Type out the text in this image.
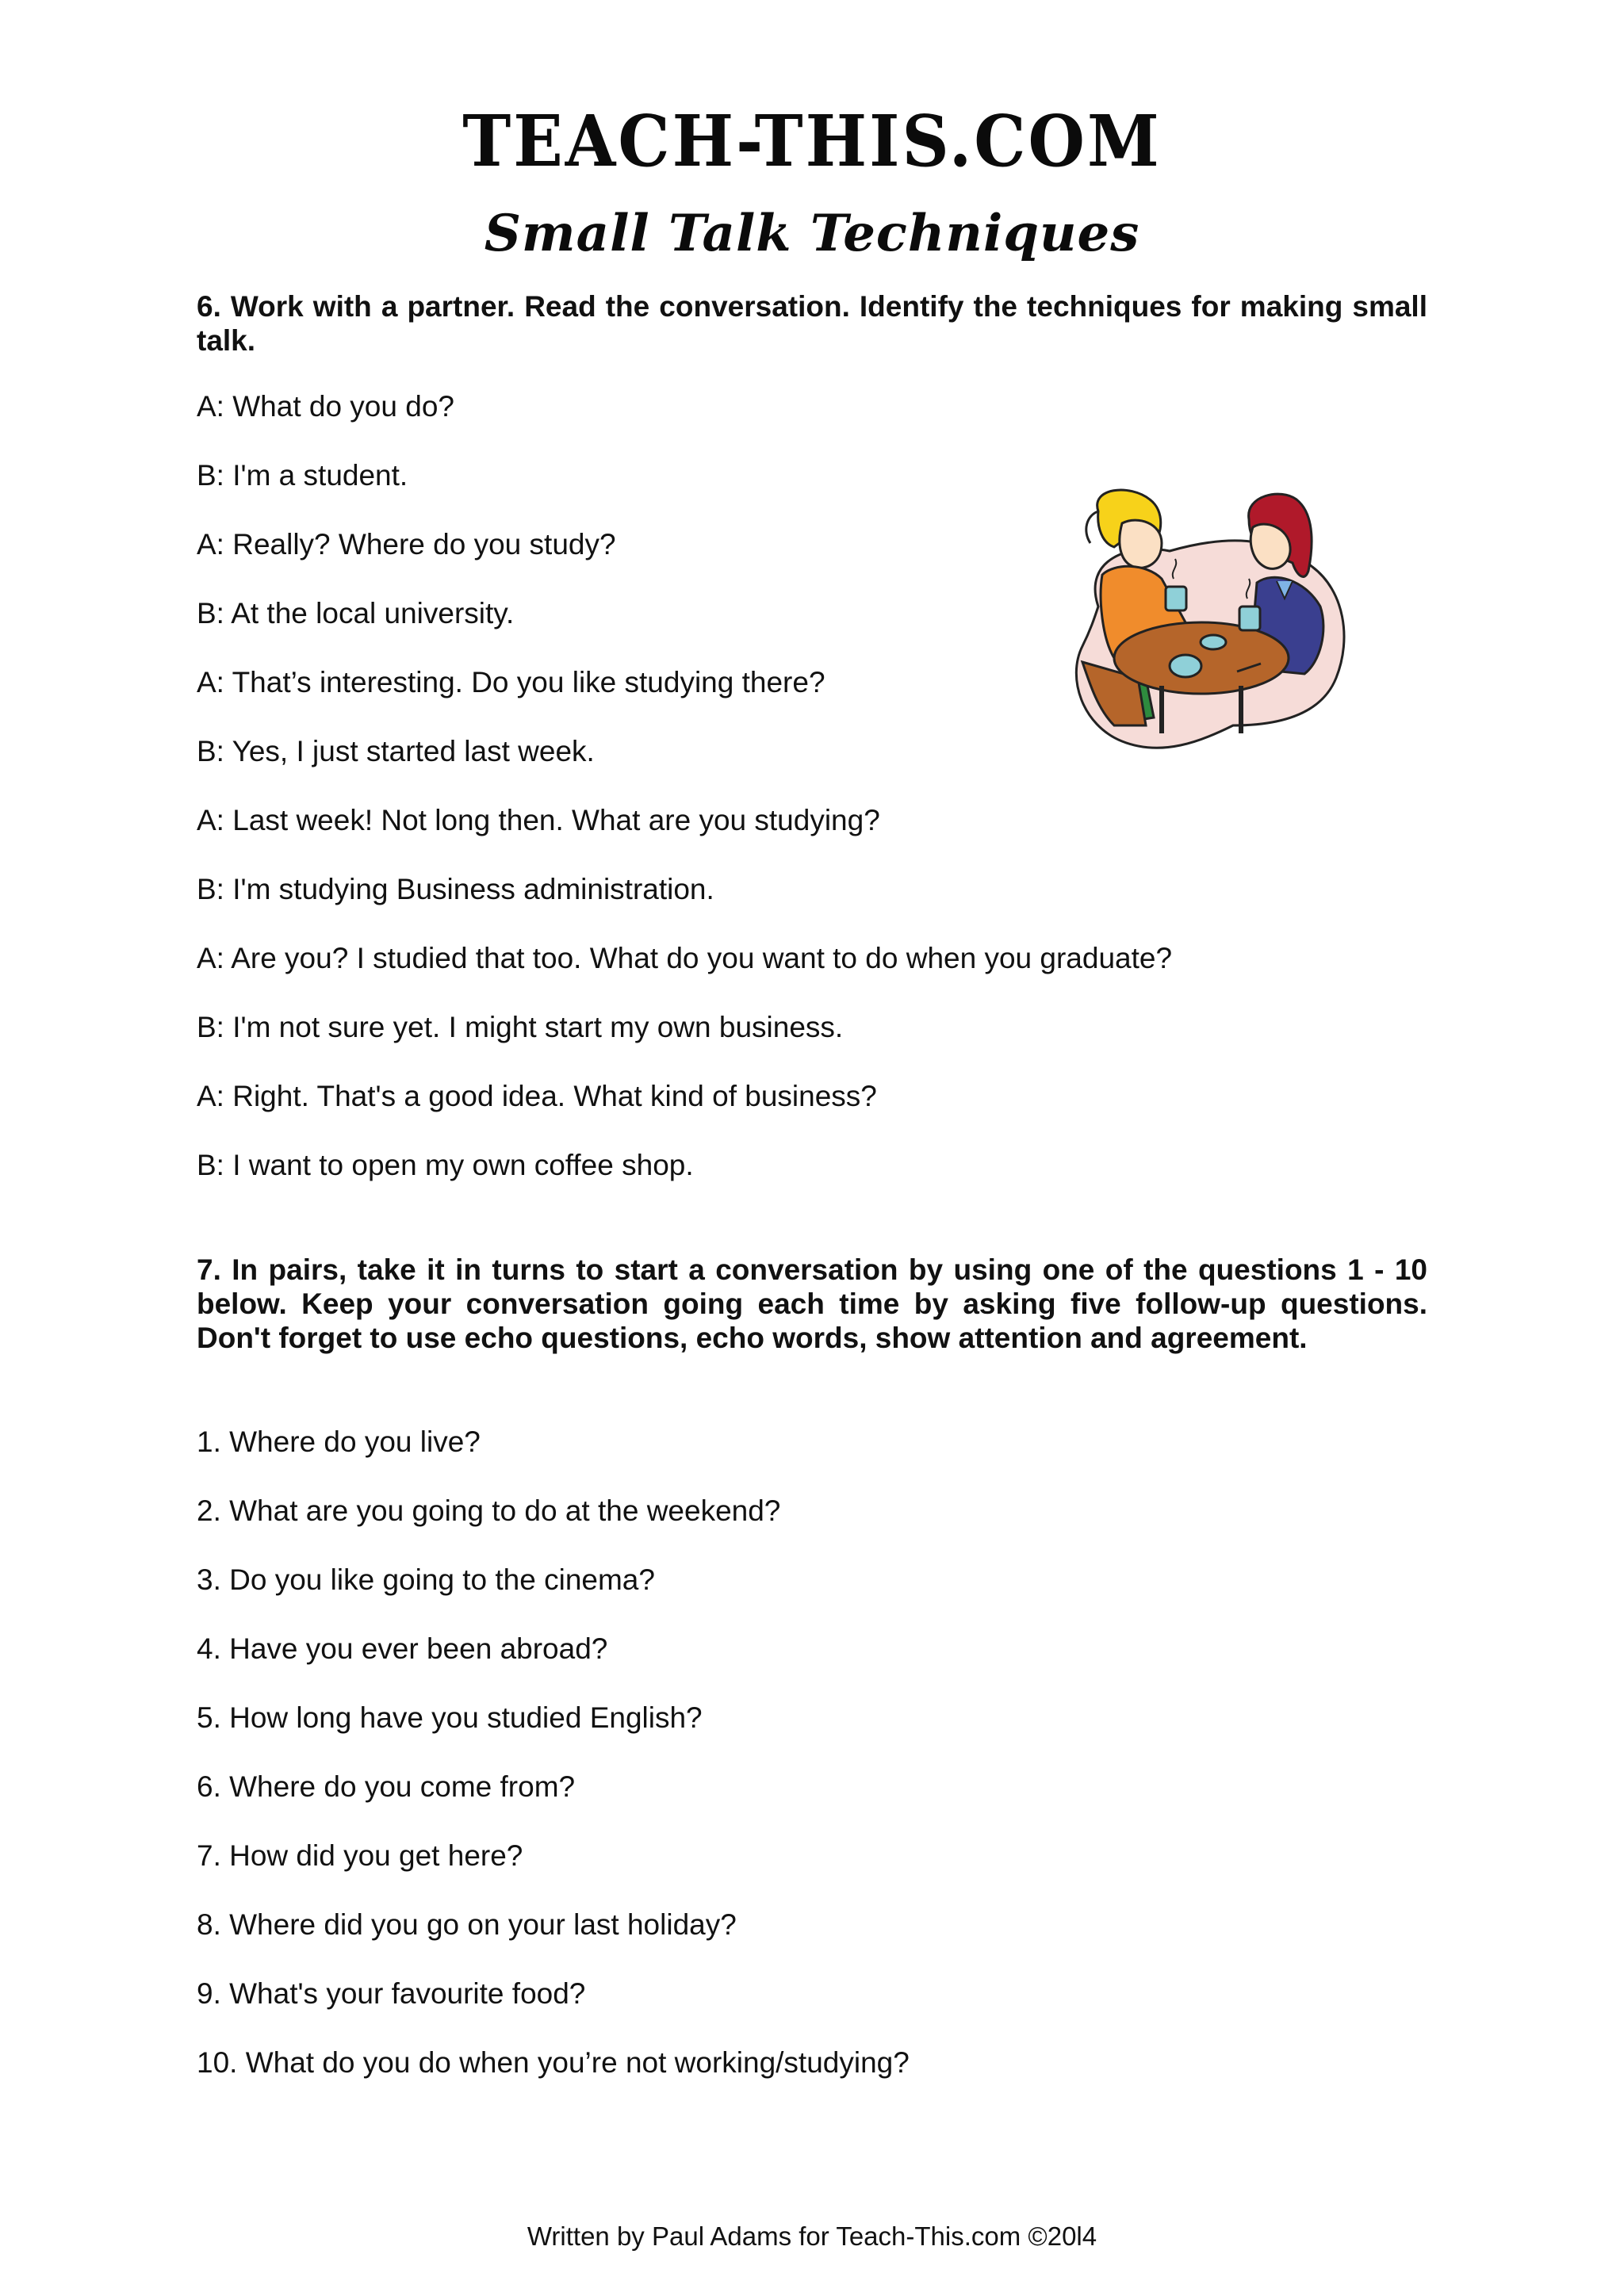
TEACH-THIS.COM
Small Talk Techniques

6. Work with a partner. Read the conversation. Identify the techniques for making small talk.

A: What do you do?
B: I'm a student.
A: Really? Where do you study?
B: At the local university.
A: That’s interesting. Do you like studying there?
B: Yes, I just started last week.
A: Last week! Not long then. What are you studying?
B: I'm studying Business administration.
A: Are you? I studied that too. What do you want to do when you graduate?
B: I'm not sure yet. I might start my own business.
A: Right. That's a good idea. What kind of business?
B: I want to open my own coffee shop.

7. In pairs, take it in turns to start a conversation by using one of the questions 1 - 10 below. Keep your conversation going each time by asking five follow-up questions. Don't forget to use echo questions, echo words, show attention and agreement.

1. Where do you live?
2. What are you going to do at the weekend?
3. Do you like going to the cinema?
4. Have you ever been abroad?
5. How long have you studied English?
6. Where do you come from?
7. How did you get here?
8. Where did you go on your last holiday?
9. What's your favourite food?
10. What do you do when you’re not working/studying?
Written by Paul Adams for Teach-This.com ©20l4
